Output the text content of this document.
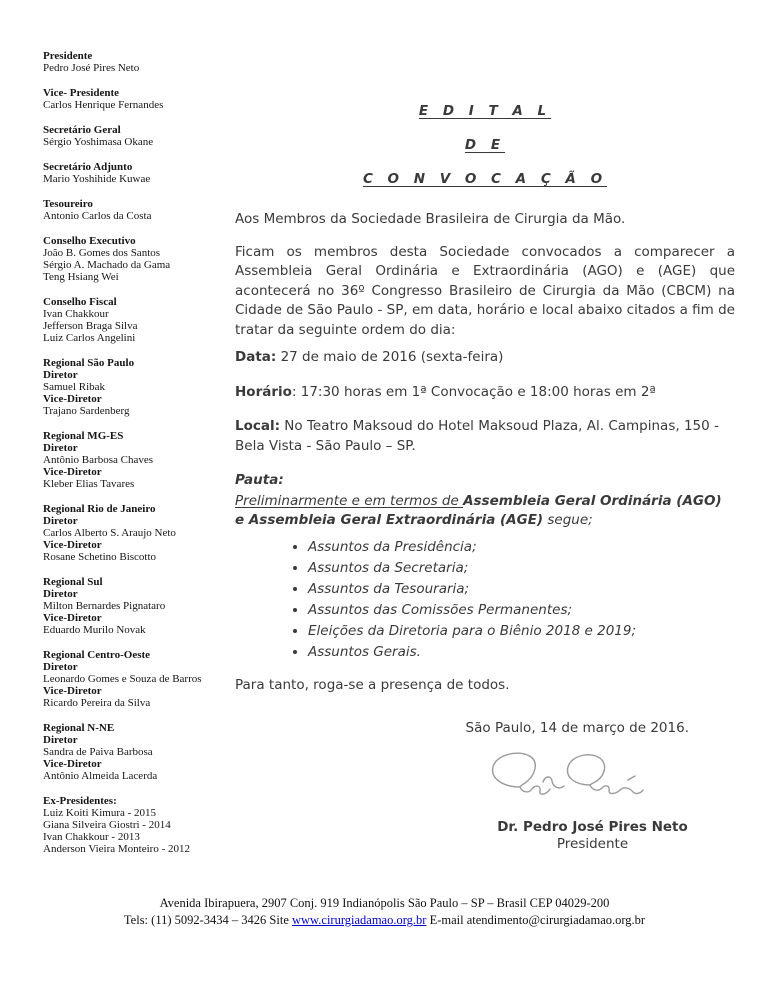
Presidente
Pedro José Pires Neto
Vice- Presidente
Carlos Henrique Fernandes
Secretário Geral
Sérgio Yoshimasa Okane
Secretário Adjunto
Mario Yoshihide Kuwae
Tesoureiro
Antonio Carlos da Costa
Conselho Executivo
João B. Gomes dos Santos
Sérgio A. Machado da Gama
Teng Hsiang Wei
Conselho Fiscal
Ivan Chakkour
Jefferson Braga Silva
Luiz Carlos Angelini
Regional São Paulo
Diretor
Samuel Ribak
Vice-Diretor
Trajano Sardenberg
Regional MG-ES
Diretor
Antônio Barbosa Chaves
Vice-Diretor
Kleber Elias Tavares
Regional Rio de Janeiro
Diretor
Carlos Alberto S. Araujo Neto
Vice-Diretor
Rosane Schetino Biscotto
Regional Sul
Diretor
Milton Bernardes Pignataro
Vice-Diretor
Eduardo Murilo Novak
Regional Centro-Oeste
Diretor
Leonardo Gomes e Souza de Barros
Vice-Diretor
Ricardo Pereira da Silva
Regional N-NE
Diretor
Sandra de Paiva Barbosa
Vice-Diretor
Antônio Almeida Lacerda
Ex-Presidentes:
Luiz Koiti Kimura - 2015
Giana Silveira Giostri - 2014
Ivan Chakkour - 2013
Anderson Vieira Monteiro - 2012
E D I T A L
D E
C O N V O C A Ç Ã O

Aos Membros da Sociedade Brasileira de Cirurgia da Mão.

Ficam os membros desta Sociedade convocados a comparecer a Assembleia Geral Ordinária e Extraordinária (AGO) e (AGE) que acontecerá no 36º Congresso Brasileiro de Cirurgia da Mão (CBCM) na Cidade de São Paulo - SP, em data, horário e local abaixo citados a fim de tratar da seguinte ordem do dia:

Data: 27 de maio de 2016 (sexta-feira)

Horário: 17:30 horas em 1ª Convocação e 18:00 horas em 2ª

Local: No Teatro Maksoud do Hotel Maksoud Plaza, Al. Campinas, 150 - Bela Vista - São Paulo – SP.

Pauta:

Preliminarmente e em termos de Assembleia Geral Ordinária (AGO) e Assembleia Geral Extraordinária (AGE) segue;

• Assuntos da Presidência;
• Assuntos da Secretaria;
• Assuntos da Tesouraria;
• Assuntos das Comissões Permanentes;
• Eleições da Diretoria para o Biênio 2018 e 2019;
• Assuntos Gerais.

Para tanto, roga-se a presença de todos.

São Paulo, 14 de março de 2016.

Dr. Pedro José Pires Neto
Presidente
Avenida Ibirapuera, 2907 Conj. 919 Indianópolis São Paulo – SP – Brasil CEP 04029-200
Tels: (11) 5092-3434 – 3426 Site www.cirurgiadamao.org.br E-mail atendimento@cirurgiadamao.org.br
